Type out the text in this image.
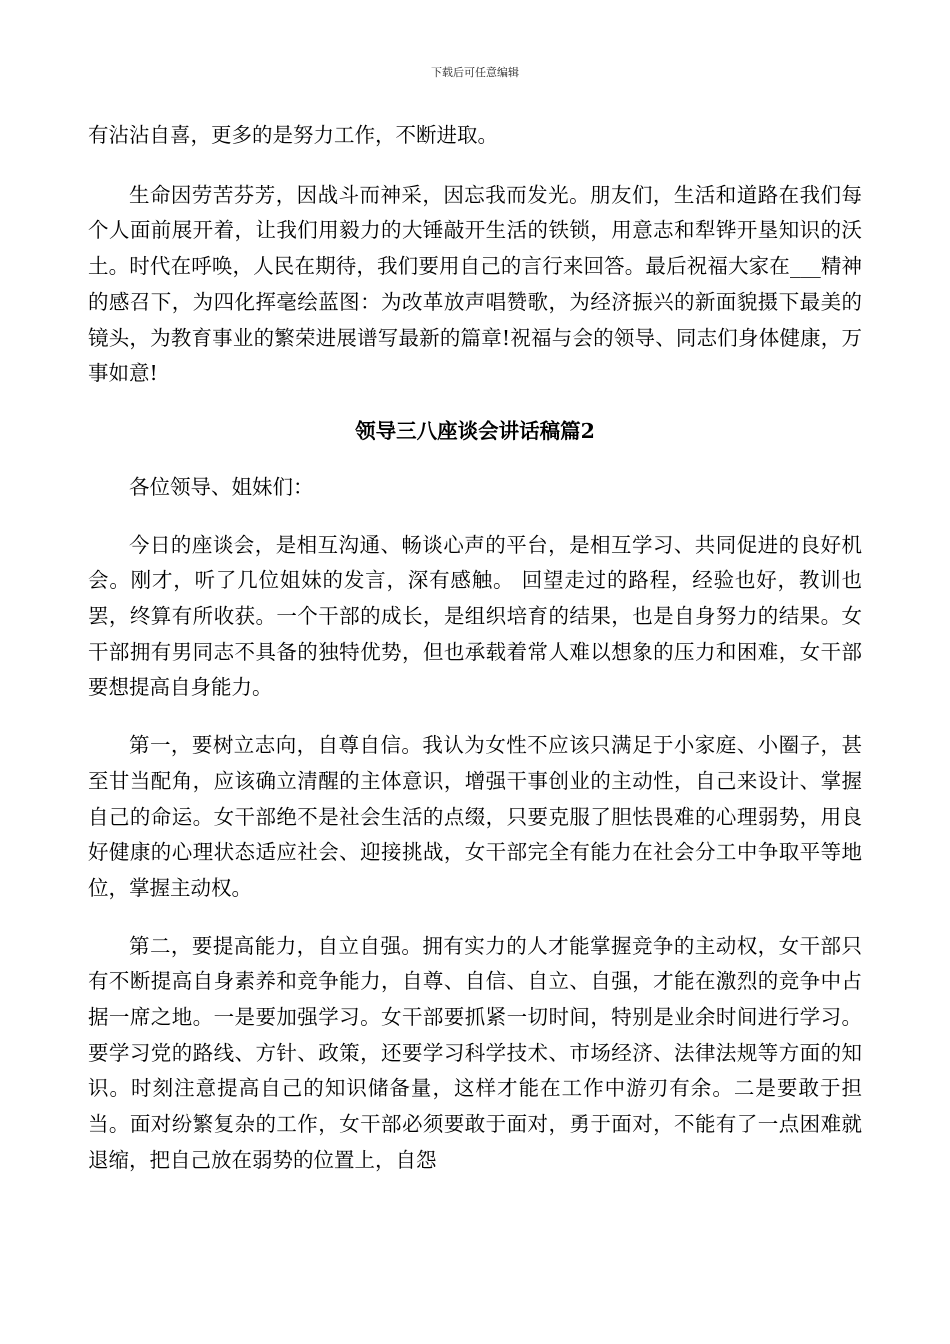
下载后可任意编辑

有沾沾自喜，更多的是努力工作，不断进取。

生命因劳苦芬芳，因战斗而神采，因忘我而发光。朋友们，生活和道路在我们每个人面前展开着，让我们用毅力的大锤敲开生活的铁锁，用意志和犁铧开垦知识的沃土。时代在呼唤，人民在期待，我们要用自己的言行来回答。最后祝福大家在___精神的感召下，为四化挥毫绘蓝图：为改革放声唱赞歌，为经济振兴的新面貌摄下最美的镜头，为教育事业的繁荣进展谱写最新的篇章!祝福与会的领导、同志们身体健康，万事如意!

领导三八座谈会讲话稿篇2

各位领导、姐妹们：

今日的座谈会，是相互沟通、畅谈心声的平台，是相互学习、共同促进的良好机会。刚才，听了几位姐妹的发言，深有感触。 回望走过的路程，经验也好，教训也罢，终算有所收获。一个干部的成长，是组织培育的结果，也是自身努力的结果。女干部拥有男同志不具备的独特优势，但也承载着常人难以想象的压力和困难，女干部要想提高自身能力。

第一，要树立志向，自尊自信。我认为女性不应该只满足于小家庭、小圈子，甚至甘当配角，应该确立清醒的主体意识，增强干事创业的主动性，自己来设计、掌握自己的命运。女干部绝不是社会生活的点缀，只要克服了胆怯畏难的心理弱势，用良好健康的心理状态适应社会、迎接挑战，女干部完全有能力在社会分工中争取平等地位，掌握主动权。

第二，要提高能力，自立自强。拥有实力的人才能掌握竞争的主动权，女干部只有不断提高自身素养和竞争能力，自尊、自信、自立、自强，才能在激烈的竞争中占据一席之地。一是要加强学习。女干部要抓紧一切时间，特别是业余时间进行学习。要学习党的路线、方针、政策，还要学习科学技术、市场经济、法律法规等方面的知识。时刻注意提高自己的知识储备量，这样才能在工作中游刃有余。二是要敢于担当。面对纷繁复杂的工作，女干部必须要敢于面对，勇于面对，不能有了一点困难就退缩，把自己放在弱势的位置上，自怨
